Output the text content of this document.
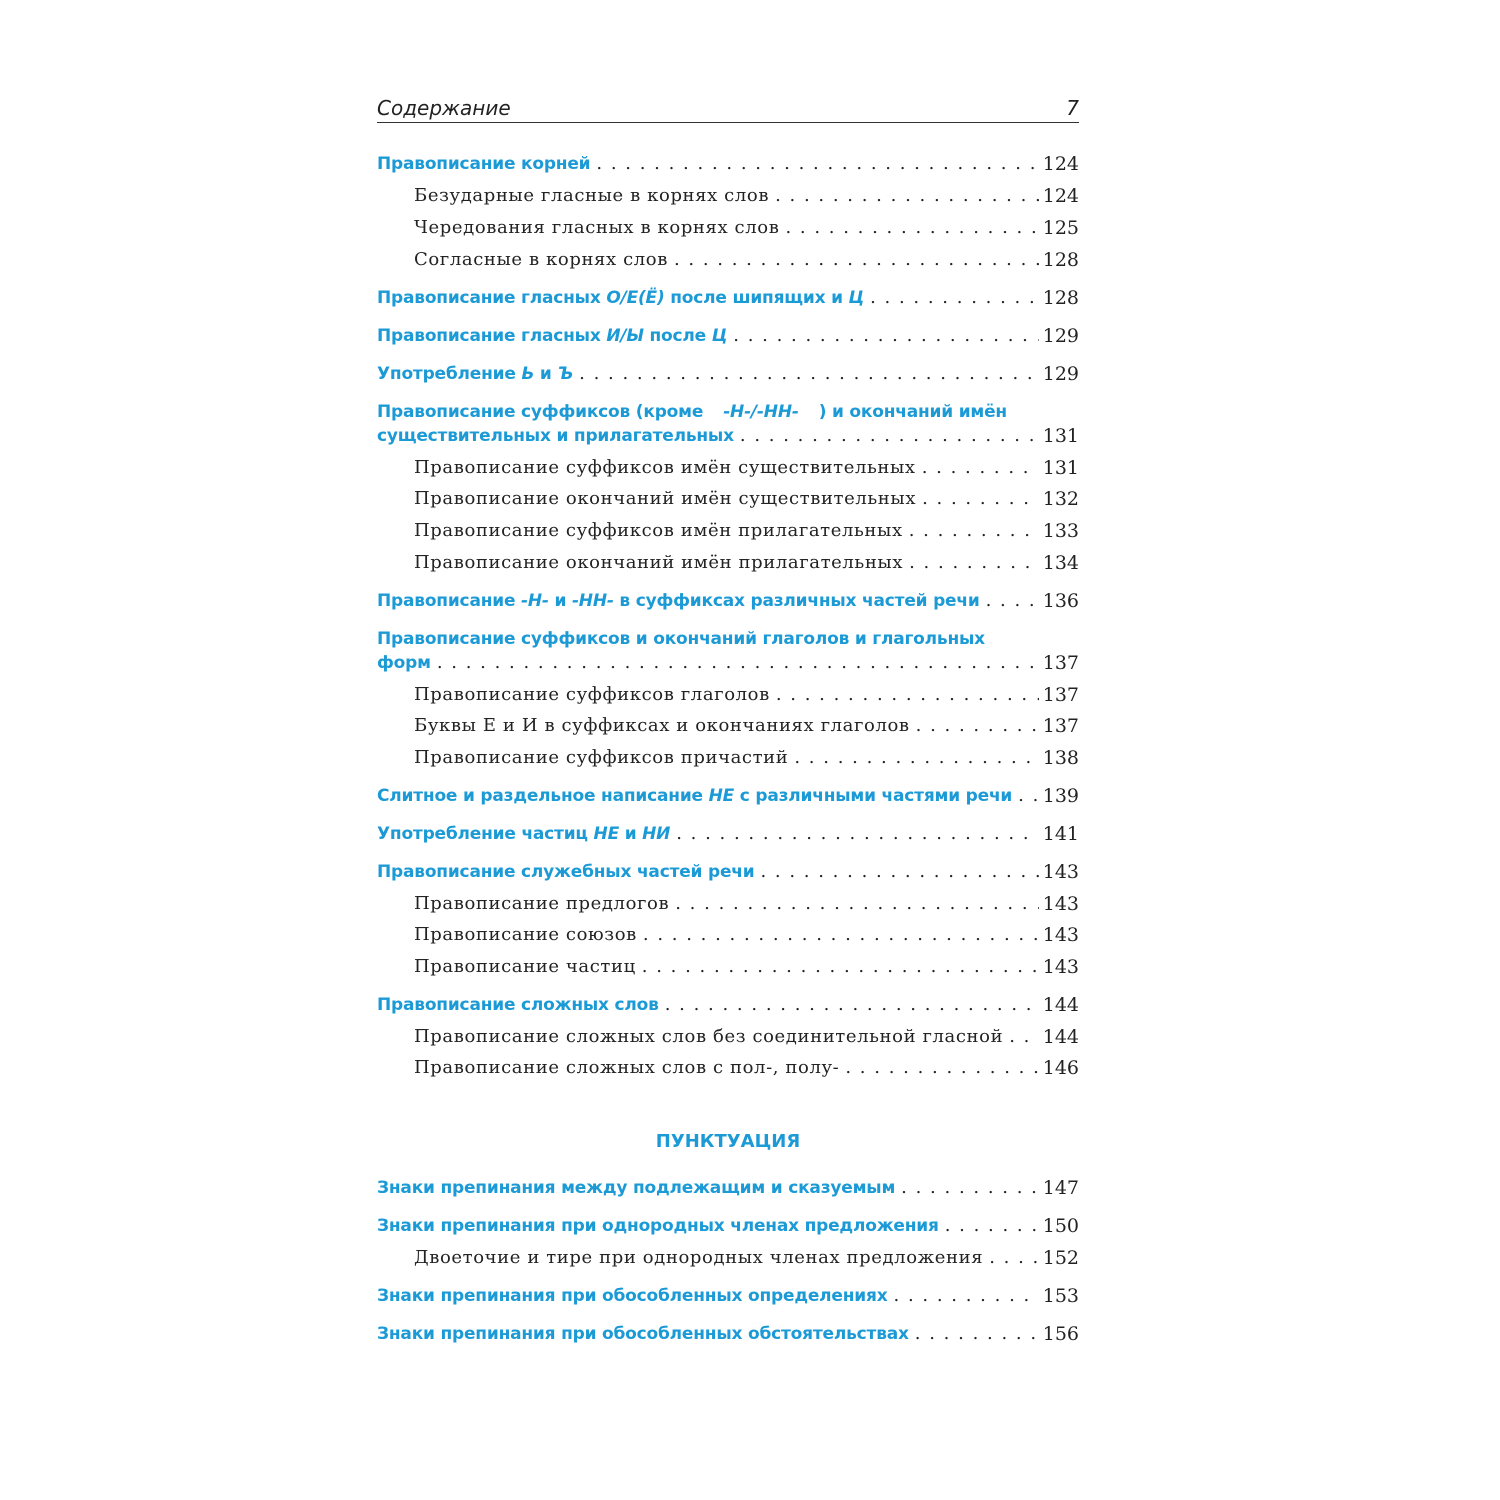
Содержание	7
Правописание корней . . .	124
Безударные гласные в корнях слов . . .	124
Чередования гласных в корнях слов . . .	125
Согласные в корнях слов . . .	128
Правописание гласных О/Е(Ё) после шипящих и Ц . . .	128
Правописание гласных И/Ы после Ц . . .	129
Употребление Ь и Ъ . . .	129
Правописание суффиксов (кроме -Н-/-НН- ) и окончаний имён
существительных и прилагательных . . .	131
Правописание суффиксов имён существительных . . .	131
Правописание окончаний имён существительных . . .	132
Правописание суффиксов имён прилагательных . . .	133
Правописание окончаний имён прилагательных . . .	134
Правописание -Н- и -НН- в суффиксах различных частей речи . . .	136
Правописание суффиксов и окончаний глаголов и глагольных
форм . . .	137
Правописание суффиксов глаголов . . .	137
Буквы Е и И в суффиксах и окончаниях глаголов . . .	137
Правописание суффиксов причастий . . .	138
Слитное и раздельное написание НЕ с различными частями речи . . . 139
Употребление частиц НЕ и НИ . . .	141
Правописание служебных частей речи . . .	143
Правописание предлогов . . .	143
Правописание союзов . . .	143
Правописание частиц . . .	143
Правописание сложных слов . . .	144
Правописание сложных слов без соединительной гласной . . . 144
Правописание сложных слов с пол-, полу- . . .	146
ПУНКТУАЦИЯ
Знаки препинания между подлежащим и сказуемым . . .	147
Знаки препинания при однородных членах предложения . . .	150
Двоеточие и тире при однородных членах предложения . . .	152
Знаки препинания при обособленных определениях . . .	153
Знаки препинания при обособленных обстоятельствах . . .	156
